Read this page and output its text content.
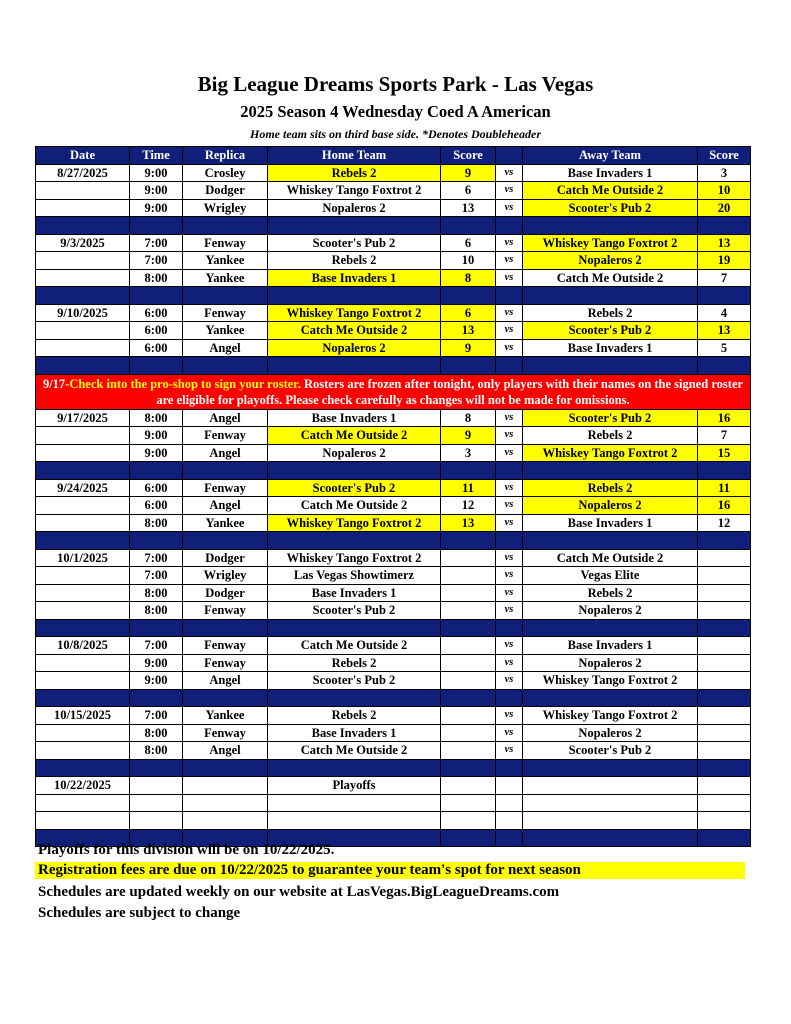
Big League Dreams Sports Park - Las Vegas
2025 Season 4 Wednesday Coed A American
Home team sits on third base side. *Denotes Doubleheader
Date	Time	Replica	Home Team	Score		Away Team	Score
8/27/2025	9:00	Crosley	Rebels 2	9	vs	Base Invaders 1	3
	9:00	Dodger	Whiskey Tango Foxtrot 2	6	vs	Catch Me Outside 2	10
	9:00	Wrigley	Nopaleros 2	13	vs	Scooter's Pub 2	20

9/3/2025	7:00	Fenway	Scooter's Pub 2	6	vs	Whiskey Tango Foxtrot 2	13
	7:00	Yankee	Rebels 2	10	vs	Nopaleros 2	19
	8:00	Yankee	Base Invaders 1	8	vs	Catch Me Outside 2	7

9/10/2025	6:00	Fenway	Whiskey Tango Foxtrot 2	6	vs	Rebels 2	4
	6:00	Yankee	Catch Me Outside 2	13	vs	Scooter's Pub 2	13
	6:00	Angel	Nopaleros 2	9	vs	Base Invaders 1	5

9/17-Check into the pro-shop to sign your roster. Rosters are frozen after tonight, only players with their names on the signed roster are eligible for playoffs. Please check carefully as changes will not be made for omissions.							
9/17/2025	8:00	Angel	Base Invaders 1	8	vs	Scooter's Pub 2	16
	9:00	Fenway	Catch Me Outside 2	9	vs	Rebels 2	7
	9:00	Angel	Nopaleros 2	3	vs	Whiskey Tango Foxtrot 2	15

9/24/2025	6:00	Fenway	Scooter's Pub 2	11	vs	Rebels 2	11
	6:00	Angel	Catch Me Outside 2	12	vs	Nopaleros 2	16
	8:00	Yankee	Whiskey Tango Foxtrot 2	13	vs	Base Invaders 1	12

10/1/2025	7:00	Dodger	Whiskey Tango Foxtrot 2		vs	Catch Me Outside 2	
	7:00	Wrigley	Las Vegas Showtimerz		vs	Vegas Elite	
	8:00	Dodger	Base Invaders 1		vs	Rebels 2	
	8:00	Fenway	Scooter's Pub 2		vs	Nopaleros 2	

10/8/2025	7:00	Fenway	Catch Me Outside 2		vs	Base Invaders 1	
	9:00	Fenway	Rebels 2		vs	Nopaleros 2	
	9:00	Angel	Scooter's Pub 2		vs	Whiskey Tango Foxtrot 2	

10/15/2025	7:00	Yankee	Rebels 2		vs	Whiskey Tango Foxtrot 2	
	8:00	Fenway	Base Invaders 1		vs	Nopaleros 2	
	8:00	Angel	Catch Me Outside 2		vs	Scooter's Pub 2	

10/22/2025			Playoffs				

Playoffs for this division will be on 10/22/2025.
Registration fees are due on 10/22/2025 to guarantee your team's spot for next season
Schedules are updated weekly on our website at LasVegas.BigLeagueDreams.com
Schedules are subject to change
